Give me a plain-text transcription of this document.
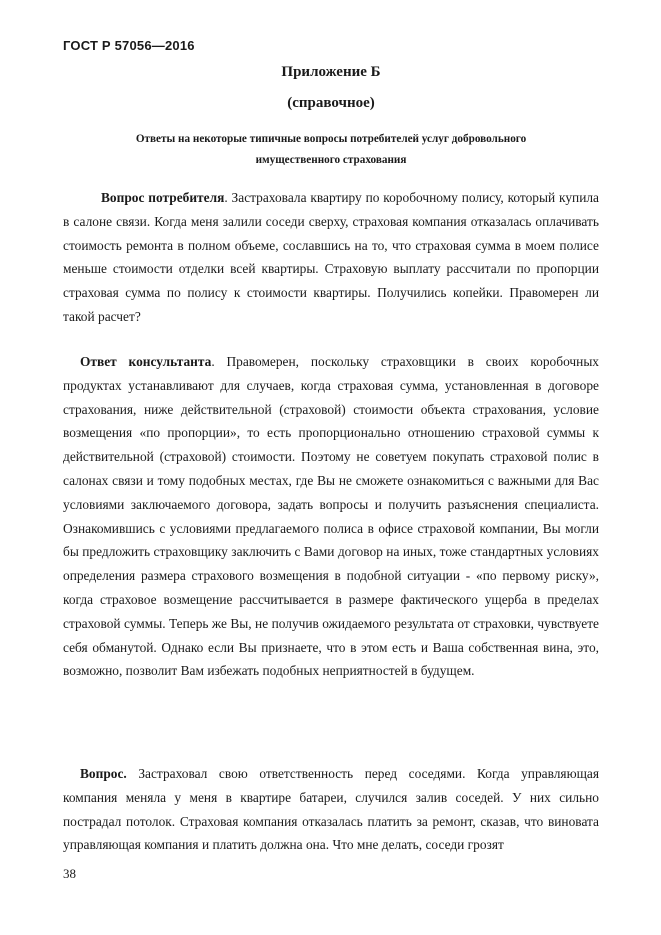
ГОСТ Р 57056—2016
Приложение Б
(справочное)
Ответы на некоторые типичные вопросы потребителей услуг добровольного
имущественного страхования

Вопрос потребителя. Застраховала квартиру по коробочному полису, который купила в салоне связи. Когда меня залили соседи сверху, страховая компания отказалась оплачивать стоимость ремонта в полном объеме, сославшись на то, что страховая сумма в моем полисе меньше стоимости отделки всей квартиры. Страховую выплату рассчитали по пропорции страховая сумма по полису к стоимости квартиры. Получились копейки. Правомерен ли такой расчет?

Ответ консультанта. Правомерен, поскольку страховщики в своих коробочных продуктах устанавливают для случаев, когда страховая сумма, установленная в договоре страхования, ниже действительной (страховой) стоимости объекта страхования, условие возмещения «по пропорции», то есть пропорционально отношению страховой суммы к действительной (страховой) стоимости. Поэтому не советуем покупать страховой полис в салонах связи и тому подобных местах, где Вы не сможете ознакомиться с важными для Вас условиями заключаемого договора, задать вопросы и получить разъяснения специалиста. Ознакомившись с условиями предлагаемого полиса в офисе страховой компании, Вы могли бы предложить страховщику заключить с Вами договор на иных, тоже стандартных условиях определения размера страхового возмещения в подобной ситуации - «по первому риску», когда страховое возмещение рассчитывается в размере фактического ущерба в пределах страховой суммы. Теперь же Вы, не получив ожидаемого результата от страховки, чувствуете себя обманутой. Однако если Вы признаете, что в этом есть и Ваша собственная вина, это, возможно, позволит Вам избежать подобных неприятностей в будущем.

Вопрос. Застраховал свою ответственность перед соседями. Когда управляющая компания меняла у меня в квартире батареи, случился залив соседей. У них сильно пострадал потолок. Страховая компания отказалась платить за ремонт, сказав, что виновата управляющая компания и платить должна она. Что мне делать, соседи грозят

38
